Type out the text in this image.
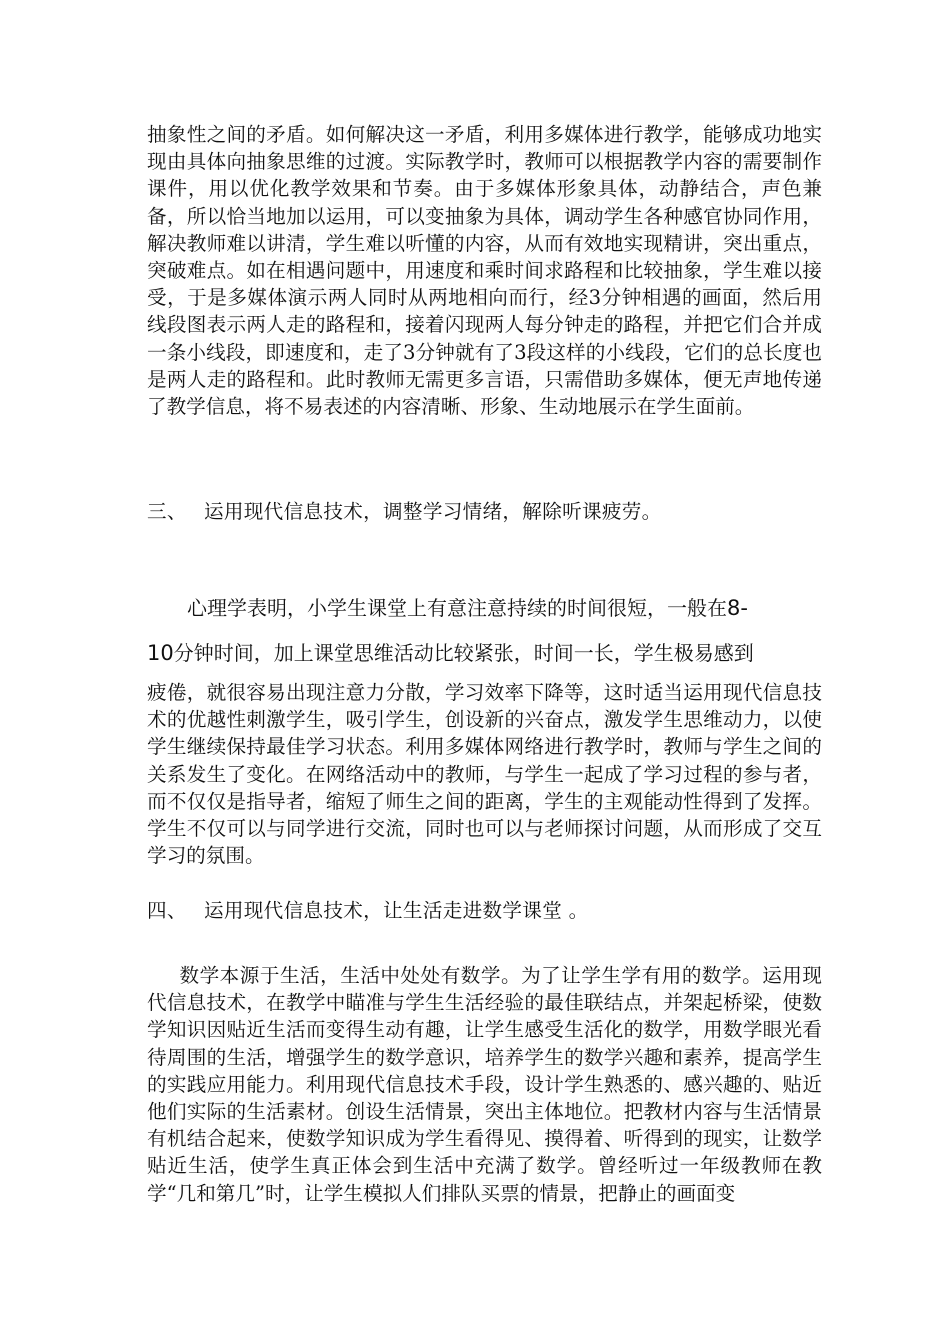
抽象性之间的矛盾。如何解决这一矛盾，利用多媒体进行教学，能够成功地实现由具体向抽象思维的过渡。实际教学时，教师可以根据教学内容的需要制作课件，用以优化教学效果和节奏。由于多媒体形象具体，动静结合，声色兼备，所以恰当地加以运用，可以变抽象为具体，调动学生各种感官协同作用，解决教师难以讲清，学生难以听懂的内容，从而有效地实现精讲，突出重点，突破难点。如在相遇问题中，用速度和乘时间求路程和比较抽象，学生难以接受，于是多媒体演示两人同时从两地相向而行，经3分钟相遇的画面，然后用线段图表示两人走的路程和，接着闪现两人每分钟走的路程，并把它们合并成一条小线段，即速度和，走了3分钟就有了3段这样的小线段，它们的总长度也是两人走的路程和。此时教师无需更多言语，只需借助多媒体，便无声地传递了教学信息，将不易表述的内容清晰、形象、生动地展示在学生面前。
三、 运用现代信息技术，调整学习情绪，解除听课疲劳。
心理学表明，小学生课堂上有意注意持续的时间很短，一般在8-
10分钟时间，加上课堂思维活动比较紧张，时间一长，学生极易感到
疲倦，就很容易出现注意力分散，学习效率下降等，这时适当运用现代信息技术的优越性刺激学生，吸引学生，创设新的兴奋点，激发学生思维动力，以使学生继续保持最佳学习状态。利用多媒体网络进行教学时，教师与学生之间的关系发生了变化。在网络活动中的教师，与学生一起成了学习过程的参与者，而不仅仅是指导者，缩短了师生之间的距离，学生的主观能动性得到了发挥。学生不仅可以与同学进行交流，同时也可以与老师探讨问题，从而形成了交互学习的氛围。
四、 运用现代信息技术，让生活走进数学课堂 。
数学本源于生活，生活中处处有数学。为了让学生学有用的数学。运用现代信息技术，在教学中瞄准与学生生活经验的最佳联结点，并架起桥梁，使数学知识因贴近生活而变得生动有趣，让学生感受生活化的数学，用数学眼光看待周围的生活，增强学生的数学意识，培养学生的数学兴趣和素养，提高学生的实践应用能力。利用现代信息技术手段，设计学生熟悉的、感兴趣的、贴近他们实际的生活素材。创设生活情景，突出主体地位。把教材内容与生活情景有机结合起来，使数学知识成为学生看得见、摸得着、听得到的现实，让数学贴近生活，使学生真正体会到生活中充满了数学。曾经听过一年级教师在教学“几和第几”时，让学生模拟人们排队买票的情景，把静止的画面变
